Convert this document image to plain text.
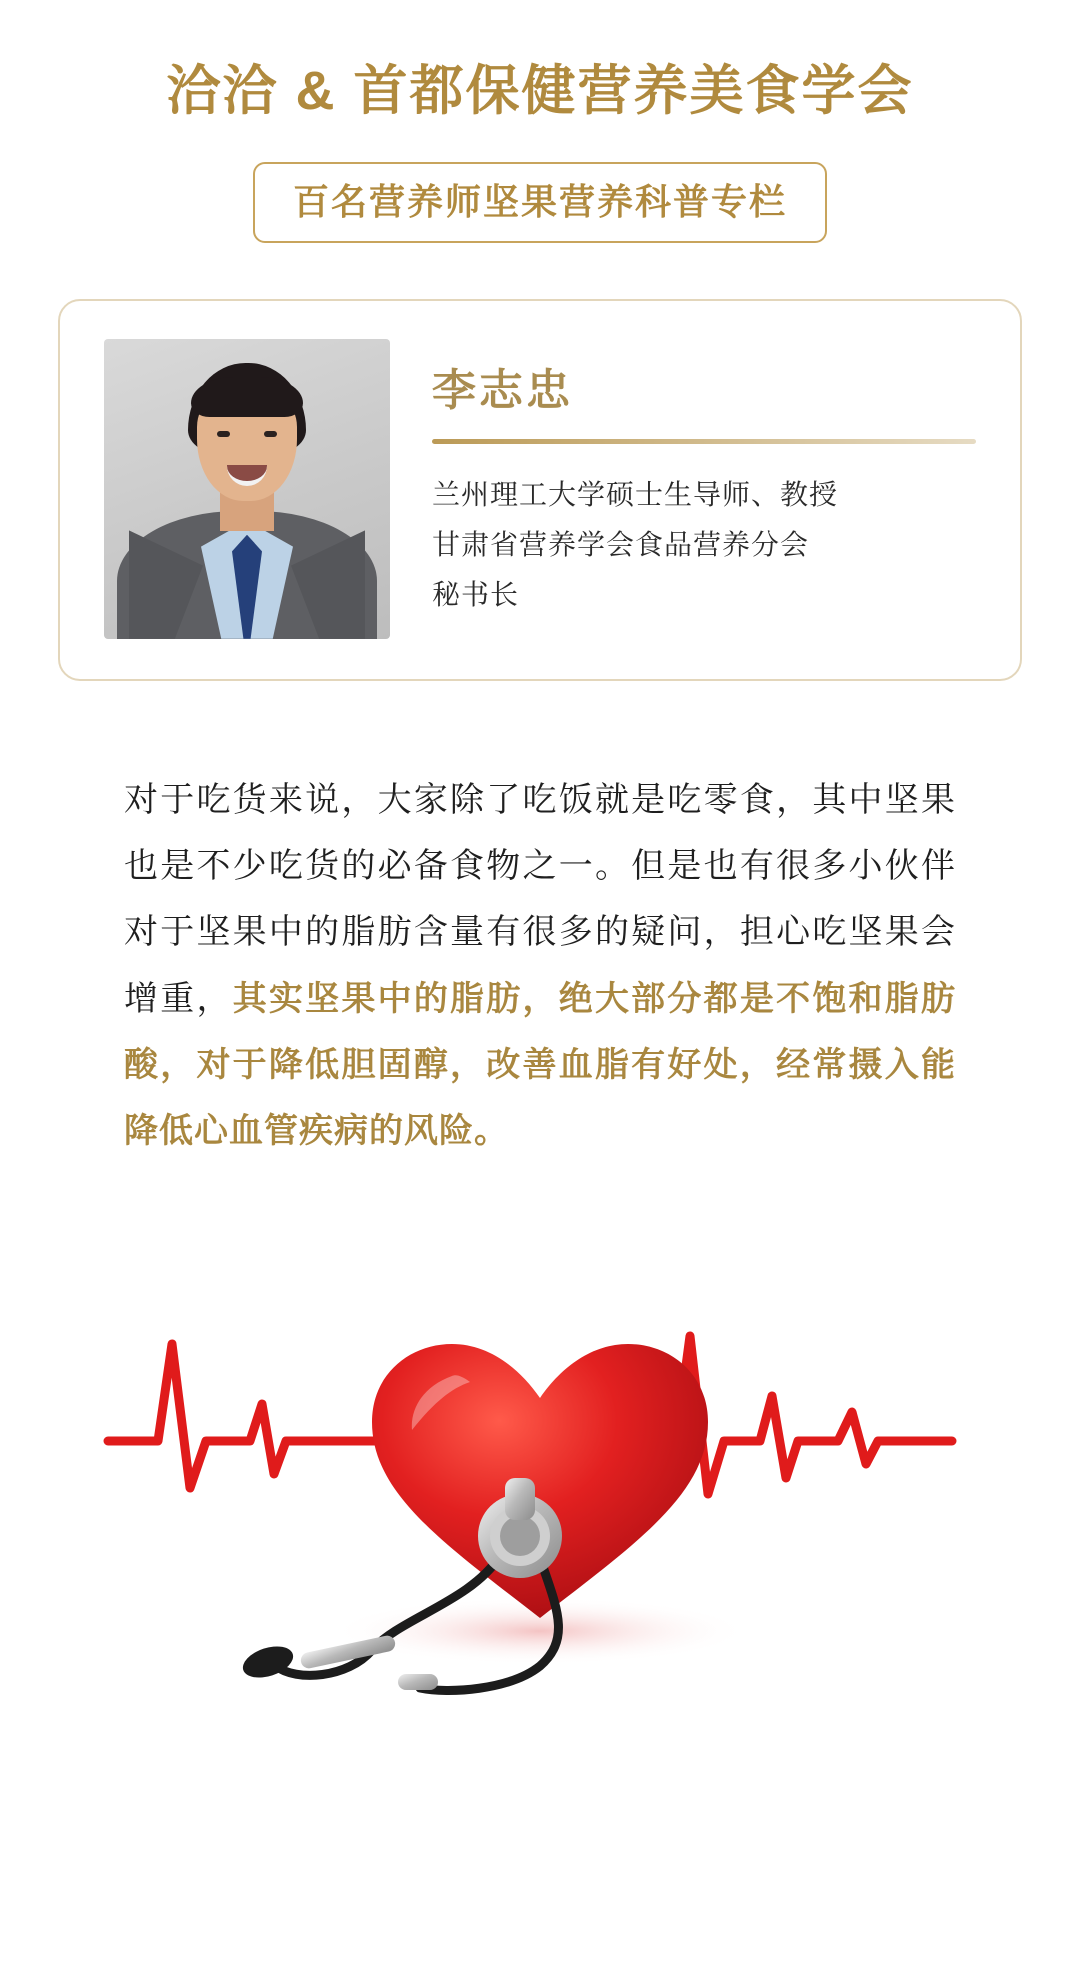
洽洽 & 首都保健营养美食学会
百名营养师坚果营养科普专栏
李志忠
兰州理工大学硕士生导师、教授
甘肃省营养学会食品营养分会
秘书长
对于吃货来说，大家除了吃饭就是吃零食，其中坚果也是不少吃货的必备食物之一。但是也有很多小伙伴对于坚果中的脂肪含量有很多的疑问，担心吃坚果会增重，其实坚果中的脂肪，绝大部分都是不饱和脂肪酸，对于降低胆固醇，改善血脂有好处，经常摄入能降低心血管疾病的风险。
